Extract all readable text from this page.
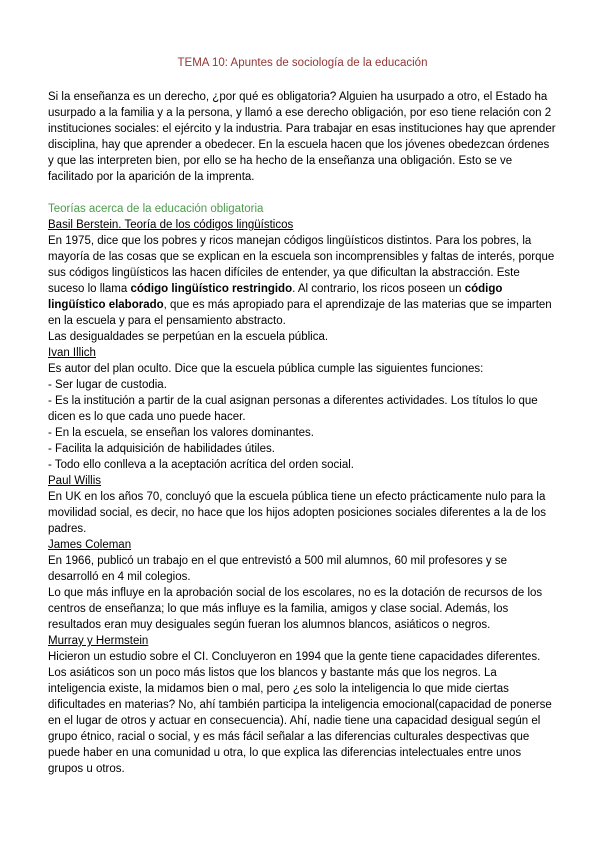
TEMA 10: Apuntes de sociología de la educación

Si la enseñanza es un derecho, ¿por qué es obligatoria? Alguien ha usurpado a otro, el Estado ha usurpado a la familia y a la persona, y llamó a ese derecho obligación, por eso tiene relación con 2 instituciones sociales: el ejército y la industria. Para trabajar en esas instituciones hay que aprender disciplina, hay que aprender a obedecer. En la escuela hacen que los jóvenes obedezcan órdenes y que las interpreten bien, por ello se ha hecho de la enseñanza una obligación. Esto se ve facilitado por la aparición de la imprenta.

Teorías acerca de la educación obligatoria
Basil Berstein. Teoría de los códigos lingüísticos

En 1975, dice que los pobres y ricos manejan códigos lingüísticos distintos. Para los pobres, la mayoría de las cosas que se explican en la escuela son incomprensibles y faltas de interés, porque sus códigos lingüísticos las hacen difíciles de entender, ya que dificultan la abstracción. Este suceso lo llama código lingüístico restringido. Al contrario, los ricos poseen un código lingüístico elaborado, que es más apropiado para el aprendizaje de las materias que se imparten en la escuela y para el pensamiento abstracto.

Las desigualdades se perpetúan en la escuela pública.

Ivan Illich

Es autor del plan oculto. Dice que la escuela pública cumple las siguientes funciones:

- Ser lugar de custodia.

- Es la institución a partir de la cual asignan personas a diferentes actividades. Los títulos lo que dicen es lo que cada uno puede hacer.

- En la escuela, se enseñan los valores dominantes.

- Facilita la adquisición de habilidades útiles.

- Todo ello conlleva a la aceptación acrítica del orden social.

Paul Willis

En UK en los años 70, concluyó que la escuela pública tiene un efecto prácticamente nulo para la movilidad social, es decir, no hace que los hijos adopten posiciones sociales diferentes a la de los padres.

James Coleman

En 1966, publicó un trabajo en el que entrevistó a 500 mil alumnos, 60 mil profesores y se desarrolló en 4 mil colegios.

Lo que más influye en la aprobación social de los escolares, no es la dotación de recursos de los centros de enseñanza; lo que más influye es la familia, amigos y clase social. Además, los resultados eran muy desiguales según fueran los alumnos blancos, asiáticos o negros.

Murray y Hermstein

Hicieron un estudio sobre el CI. Concluyeron en 1994 que la gente tiene capacidades diferentes. Los asiáticos son un poco más listos que los blancos y bastante más que los negros. La inteligencia existe, la midamos bien o mal, pero ¿es solo la inteligencia lo que mide ciertas dificultades en materias? No, ahí también participa la inteligencia emocional(capacidad de ponerse en el lugar de otros y actuar en consecuencia). Ahí, nadie tiene una capacidad desigual según el grupo étnico, racial o social, y es más fácil señalar a las diferencias culturales despectivas que puede haber en una comunidad u otra, lo que explica las diferencias intelectuales entre unos grupos u otros.
